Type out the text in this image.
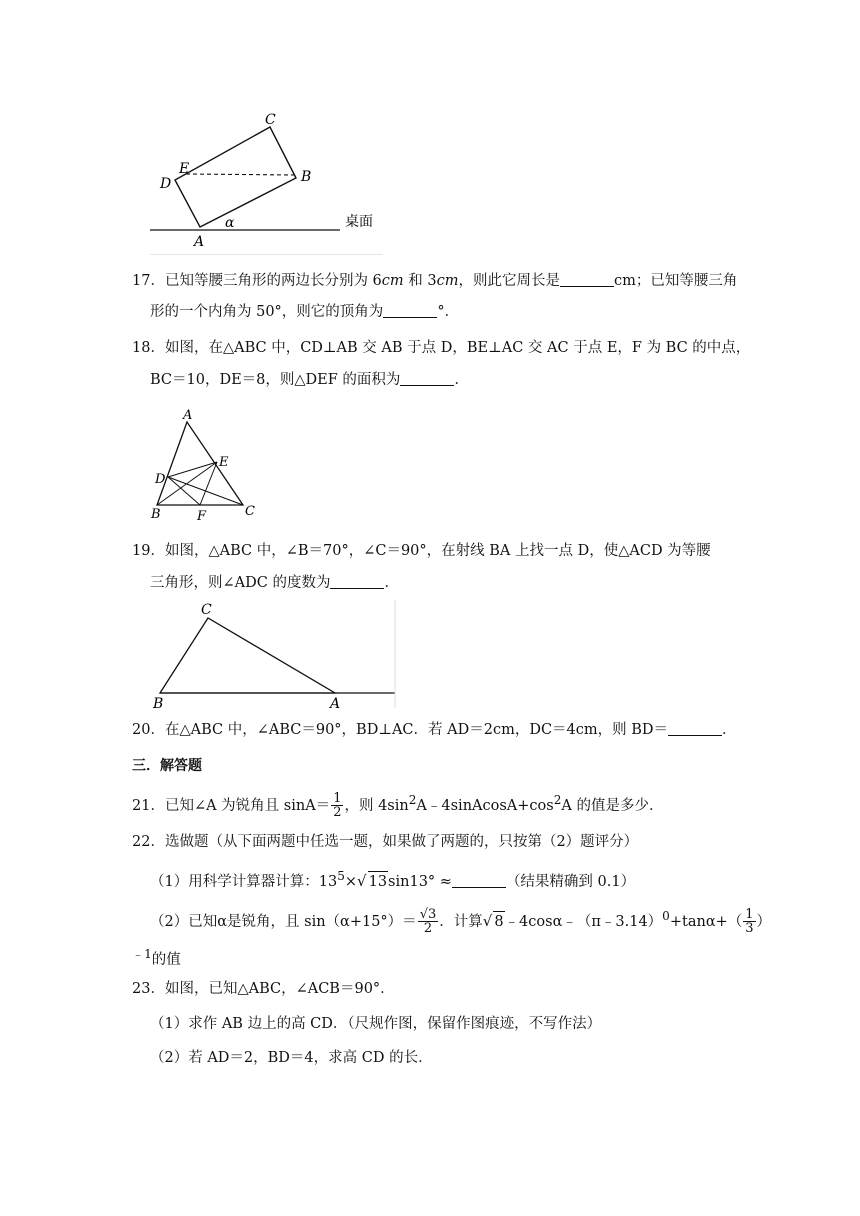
C
E
D	B
α
A
桌面
17．已知等腰三角形的两边长分别为 6cm 和 3cm，则此它周长是	cm；已知等腰三角
形的一个内角为 50°，则它的顶角为	°．
18．如图，在△ABC 中，CD⊥AB 交 AB 于点 D，BE⊥AC 交 AC 于点 E，F 为 BC 的中点，
BC＝10，DE＝8，则△DEF 的面积为	．
A
E
D
C
B	F
19．如图，△ABC 中，∠B＝70°，∠C＝90°，在射线 BA 上找一点 D，使△ACD 为等腰
三角形，则∠ADC 的度数为	．
C
B	A
20．在△ABC 中，∠ABC＝90°，BD⊥AC．若 AD＝2cm，DC＝4cm，则 BD＝	．
三．解答题
21．已知∠A 为锐角且 $\sin A= \frac{1}{2}$ ，则 $4\sin^2A﹣4sinAcosA+\cos^2A$ 的值是多少．
22．选做题（从下面两题中任选一题，如果做了两题的，只按第（2）题评分）
（1）用科学计算器计算：$13^5\times√$ 13sin13° ≈	（结果精确到 0.1）
（2）已知α是锐角，且 $\sin(\alpha+15^\circ)= \frac{√3}{2}$ ．计算√ 8﹣4cosα﹣（π﹣3.14）$^0$+tanα+（ $\frac{1}{3}$ ）
$^{﹣1}$的值
23．如图，已知△ABC，∠ACB＝90°．
（1）求作 AB 边上的高 CD．（尺规作图，保留作图痕迹，不写作法）
（2）若 AD＝2，BD＝4，求高 CD 的长．
